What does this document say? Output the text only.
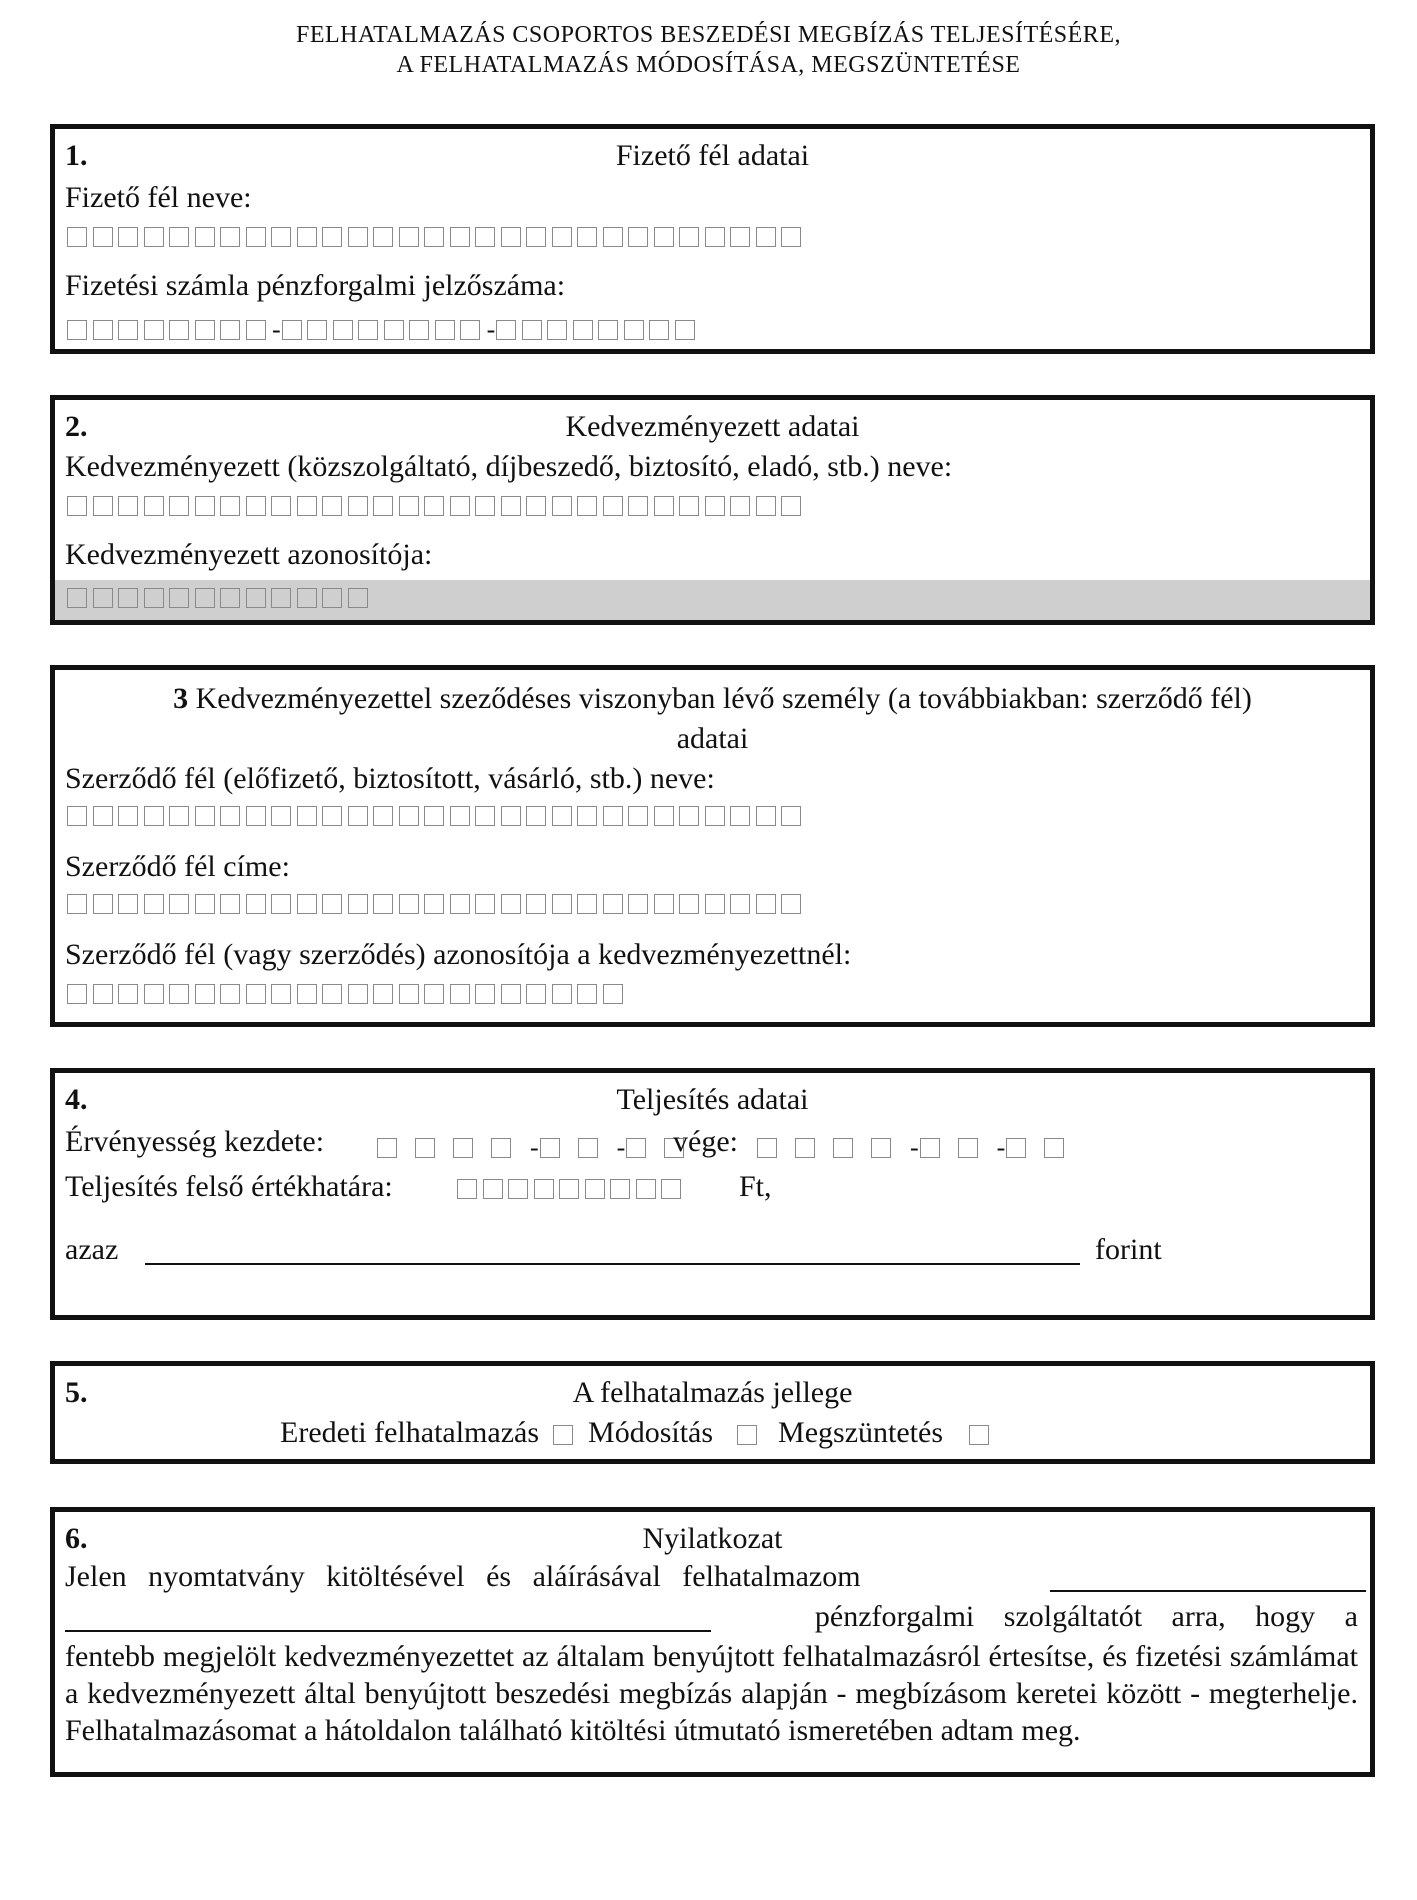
FELHATALMAZÁS CSOPORTOS BESZEDÉSI MEGBÍZÁS TELJESÍTÉSÉRE,
A FELHATALMAZÁS MÓDOSÍTÁSA, MEGSZÜNTETÉSE
1.	Fizető fél adatai
Fizető fél neve:
Fizetési számla pénzforgalmi jelzőszáma:
-	-
2.	Kedvezményezett adatai
Kedvezményezett (közszolgáltató, díjbeszedő, biztosító, eladó, stb.) neve:
Kedvezményezett azonosítója:
3 Kedvezményezettel szeződéses viszonyban lévő személy (a továbbiakban: szerződő fél)
adatai
Szerződő fél (előfizető, biztosított, vásárló, stb.) neve:
Szerződő fél címe:
Szerződő fél (vagy szerződés) azonosítója a kedvezményezettnél:
4.	Teljesítés adatai
Érvényesség kezdete:	-	-	vége:	-	-
Teljesítés felső értékhatára:	Ft,
azaz	forint
5.	A felhatalmazás jellege
Eredeti felhatalmazás Módosítás Megszüntetés
6.	Nyilatkozat
Jelen nyomtatvány kitöltésével és aláírásával felhatalmazom
pénzforgalmi szolgáltatót arra, hogy a
fentebb megjelölt kedvezményezettet az általam benyújtott felhatalmazásról értesítse, és fizetési számlámat a kedvezményezett által benyújtott beszedési megbízás alapján - megbízásom keretei között - megterhelje. Felhatalmazásomat a hátoldalon található kitöltési útmutató ismeretében adtam meg.
